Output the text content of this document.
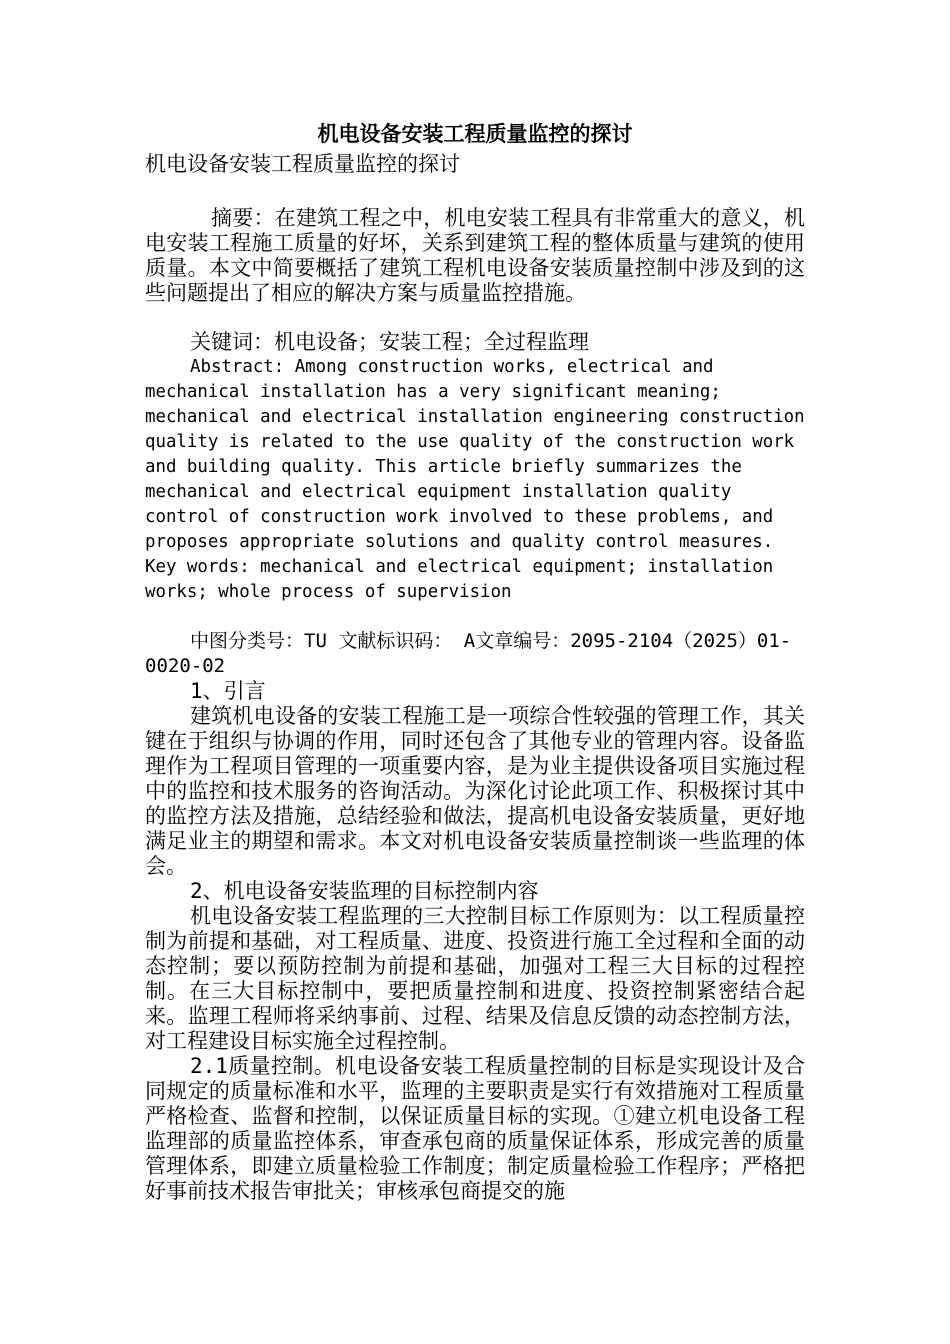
机电设备安装工程质量监控的探讨
机电设备安装工程质量监控的探讨

摘要：在建筑工程之中，机电安装工程具有非常重大的意义，机电安装工程施工质量的好坏，关系到建筑工程的整体质量与建筑的使用质量。本文中简要概括了建筑工程机电设备安装质量控制中涉及到的这些问题提出了相应的解决方案与质量监控措施。

关键词：机电设备；安装工程；全过程监理

Abstract: Among construction works, electrical and mechanical installation has a very significant meaning; mechanical and electrical installation engineering construction quality is related to the use quality of the construction work and building quality. This article briefly summarizes the mechanical and electrical equipment installation quality control of construction work involved to these problems, and proposes appropriate solutions and quality control measures. Key words: mechanical and electrical equipment; installation works; whole process of supervision

中图分类号：TU 文献标识码： A文章编号：2095-2104（2025）01-0020-02

1、引言

建筑机电设备的安装工程施工是一项综合性较强的管理工作，其关键在于组织与协调的作用，同时还包含了其他专业的管理内容。设备监理作为工程项目管理的一项重要内容，是为业主提供设备项目实施过程中的监控和技术服务的咨询活动。为深化讨论此项工作、积极探讨其中的监控方法及措施，总结经验和做法，提高机电设备安装质量，更好地满足业主的期望和需求。本文对机电设备安装质量控制谈一些监理的体会。

2、机电设备安装监理的目标控制内容

机电设备安装工程监理的三大控制目标工作原则为：以工程质量控制为前提和基础，对工程质量、进度、投资进行施工全过程和全面的动态控制；要以预防控制为前提和基础，加强对工程三大目标的过程控制。在三大目标控制中，要把质量控制和进度、投资控制紧密结合起来。监理工程师将采纳事前、过程、结果及信息反馈的动态控制方法，对工程建设目标实施全过程控制。

2.1质量控制。机电设备安装工程质量控制的目标是实现设计及合同规定的质量标准和水平，监理的主要职责是实行有效措施对工程质量严格检查、监督和控制，以保证质量目标的实现。①建立机电设备工程监理部的质量监控体系，审查承包商的质量保证体系，形成完善的质量管理体系，即建立质量检验工作制度；制定质量检验工作程序；严格把好事前技术报告审批关；审核承包商提交的施
